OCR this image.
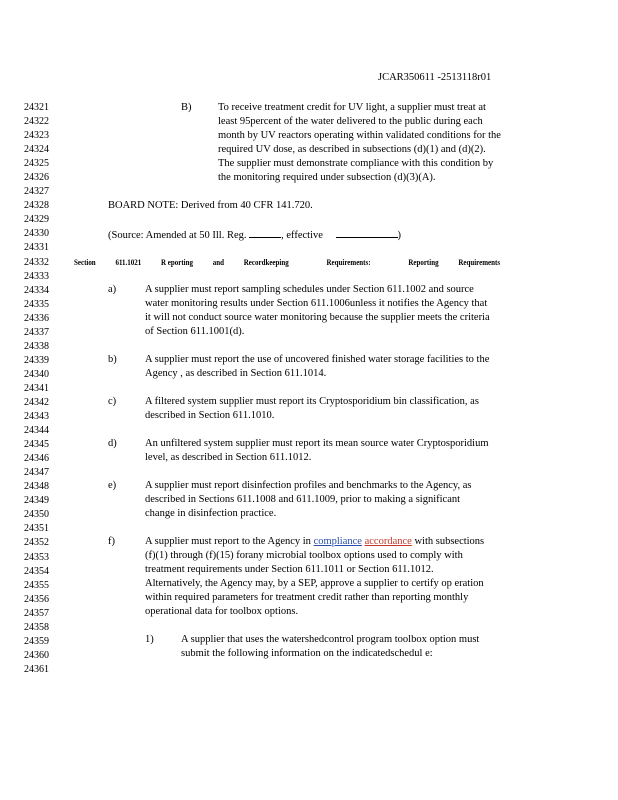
JCAR350611 -2513118r01
24321
24322
24323
24324
24325
24326
24327
24328
24329
24330
24331
24332
24333
24334
24335
24336
24337
24338
24339
24340
24341
24342
24343
24344
24345
24346
24347
24348
24349
24350
24351
24352
24353
24354
24355
24356
24357
24358
24359
24360
24361
B)	To receive treatment credit for UV light, a supplier must treat at
least 95percent of the water delivered to the public during each
month by UV reactors operating within validated conditions for the
required UV dose, as described in subsections (d)(1) and (d)(2).
The supplier must demonstrate compliance with this condition by
the monitoring required under subsection (d)(3)(A).
BOARD NOTE: Derived from 40 CFR 141.720.
(Source: Amended at 50 Ill. Reg.	, effective	)
Section 611.1021 R eporting and Recordkeeping	Requirements:	Reporting Requirements
a)	A supplier must report sampling schedules under Section 611.1002 and source
water monitoring results under Section 611.1006unless it notifies the Agency that
it will not conduct source water monitoring because the supplier meets the criteria
of Section 611.1001(d).
b)	A supplier must report the use of uncovered finished water storage facilities to the
Agency , as described in Section 611.1014.
c)	A filtered system supplier must report its Cryptosporidium bin classification, as
described in Section 611.1010.
d)	An unfiltered system supplier must report its mean source water Cryptosporidium
level, as described in Section 611.1012.
e)	A supplier must report disinfection profiles and benchmarks to the Agency, as
described in Sections 611.1008 and 611.1009, prior to making a significant
change in disinfection practice.
f)	A supplier must report to the Agency in compliance accordance with subsections
(f)(1) through (f)(15) forany microbial toolbox options used to comply with
treatment requirements under Section 611.1011 or Section 611.1012.
Alternatively, the Agency may, by a SEP, approve a supplier to certify op eration
within required parameters for treatment credit rather than reporting monthly
operational data for toolbox options.
1)	A supplier that uses the watershedcontrol program toolbox option must
submit the following information on the indicatedschedul e:
